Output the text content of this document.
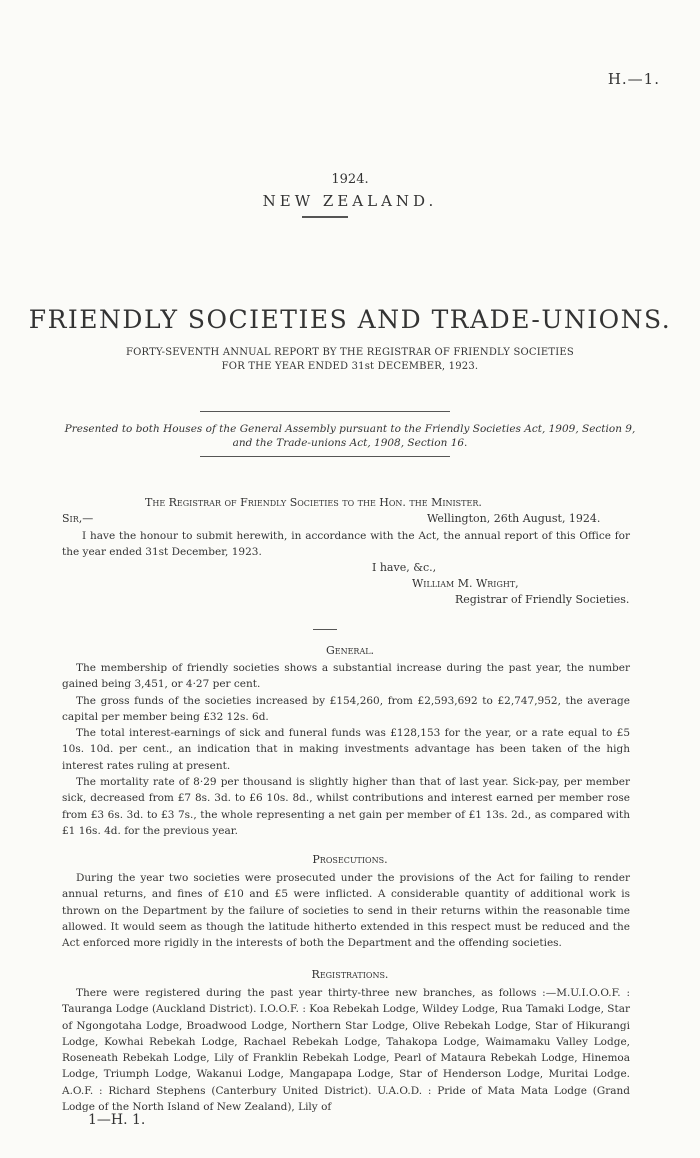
H.—1.
1924.
NEW ZEALAND.
FRIENDLY SOCIETIES AND TRADE-UNIONS.
FORTY-SEVENTH ANNUAL REPORT BY THE REGISTRAR OF FRIENDLY SOCIETIES
FOR THE YEAR ENDED 31st DECEMBER, 1923.
Presented to both Houses of the General Assembly pursuant to the Friendly Societies Act, 1909, Section 9,
and the Trade-unions Act, 1908, Section 16.
The Registrar of Friendly Societies to the Hon. the Minister.
Sir,—	Wellington, 26th August, 1924.

I have the honour to submit herewith, in accordance with the Act, the annual report of this Office for the year ended 31st December, 1923.

I have, &c.,
William M. Wright,
Registrar of Friendly Societies.
General.

The membership of friendly societies shows a substantial increase during the past year, the number gained being 3,451, or 4·27 per cent.

The gross funds of the societies increased by £154,260, from £2,593,692 to £2,747,952, the average capital per member being £32 12s. 6d.

The total interest-earnings of sick and funeral funds was £128,153 for the year, or a rate equal to £5 10s. 10d. per cent., an indication that in making investments advantage has been taken of the high interest rates ruling at present.

The mortality rate of 8·29 per thousand is slightly higher than that of last year. Sick-pay, per member sick, decreased from £7 8s. 3d. to £6 10s. 8d., whilst contributions and interest earned per member rose from £3 6s. 3d. to £3 7s., the whole representing a net gain per member of £1 13s. 2d., as compared with £1 16s. 4d. for the previous year.

Prosecutions.

During the year two societies were prosecuted under the provisions of the Act for failing to render annual returns, and fines of £10 and £5 were inflicted. A considerable quantity of additional work is thrown on the Department by the failure of societies to send in their returns within the reasonable time allowed. It would seem as though the latitude hitherto extended in this respect must be reduced and the Act enforced more rigidly in the interests of both the Department and the offending societies.

Registrations.

There were registered during the past year thirty-three new branches, as follows :—M.U.I.O.O.F. : Tauranga Lodge (Auckland District). I.O.O.F. : Koa Rebekah Lodge, Wildey Lodge, Rua Tamaki Lodge, Star of Ngongotaha Lodge, Broadwood Lodge, Northern Star Lodge, Olive Rebekah Lodge, Star of Hikurangi Lodge, Kowhai Rebekah Lodge, Rachael Rebekah Lodge, Tahakopa Lodge, Waimamaku Valley Lodge, Roseneath Rebekah Lodge, Lily of Franklin Rebekah Lodge, Pearl of Mataura Rebekah Lodge, Hinemoa Lodge, Triumph Lodge, Wakanui Lodge, Mangapapa Lodge, Star of Henderson Lodge, Muritai Lodge. A.O.F. : Richard Stephens (Canterbury United District). U.A.O.D. : Pride of Mata Mata Lodge (Grand Lodge of the North Island of New Zealand), Lily of

1—H. 1.
